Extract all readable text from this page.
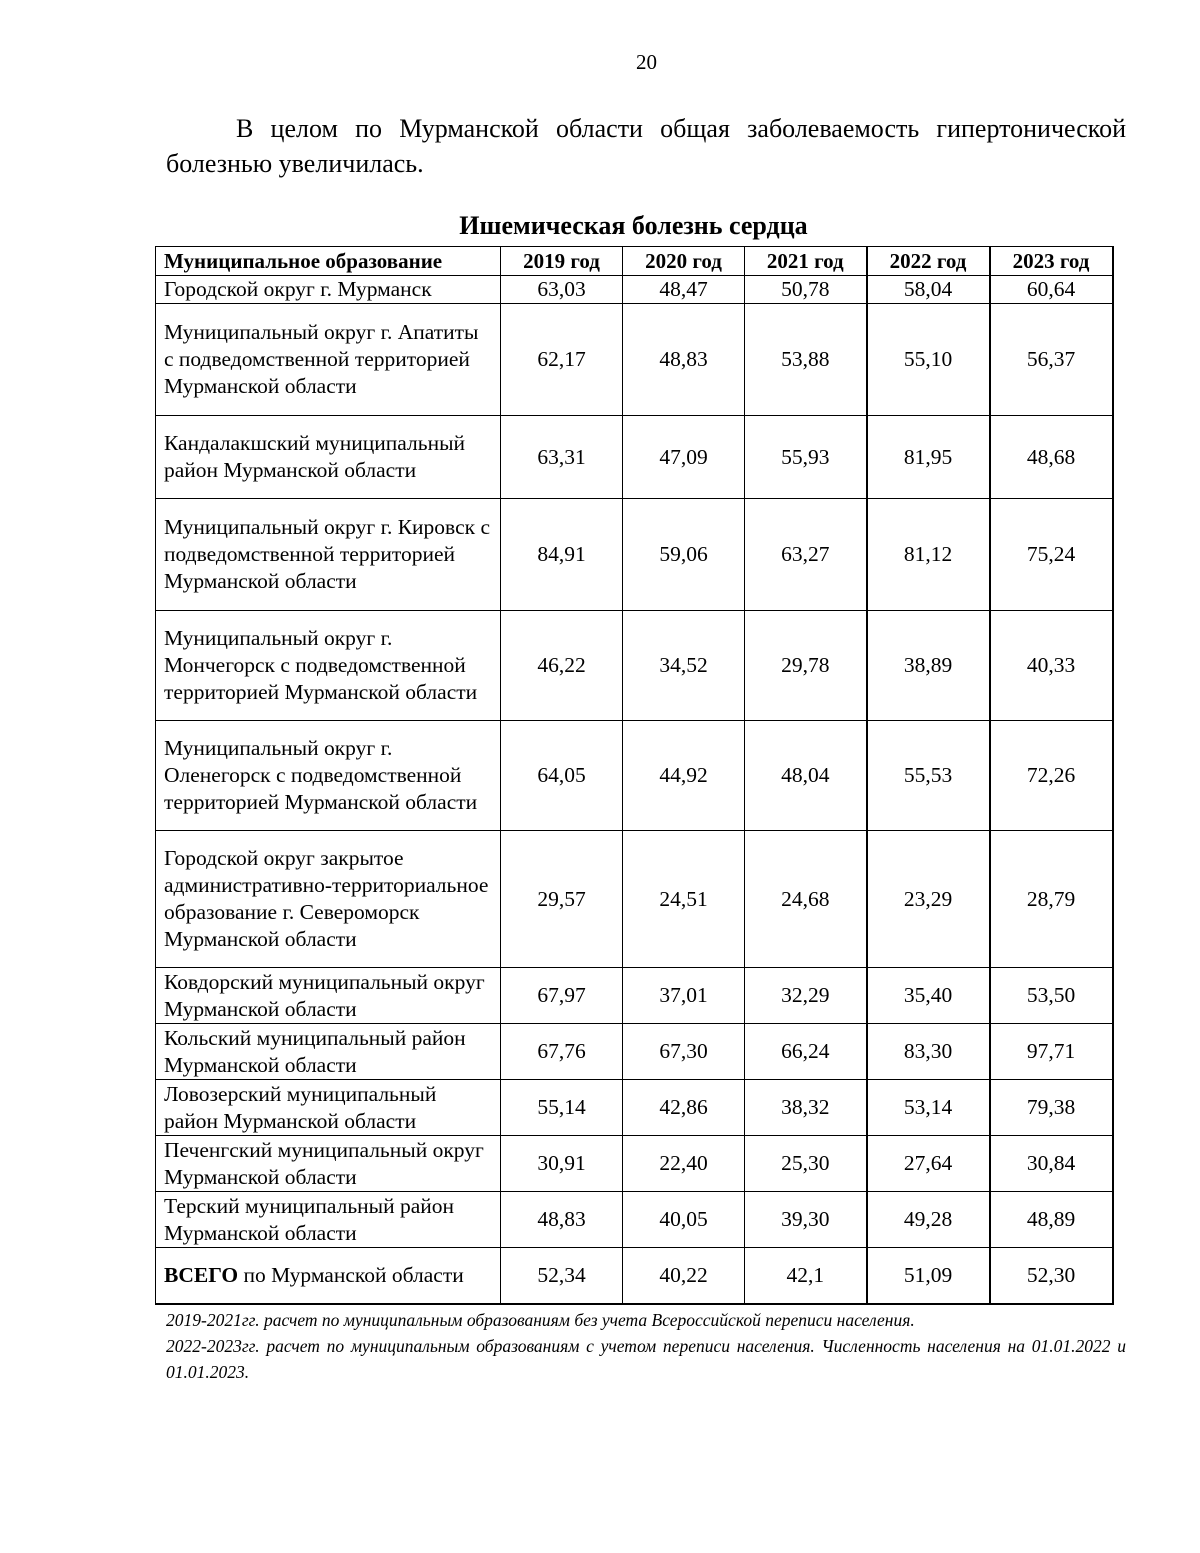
20

В целом по Мурманской области общая заболеваемость гипертонической болезнью увеличилась.

Ишемическая болезнь сердца

Муниципальное образование	2019 год	2020 год	2021 год	2022 год	2023 год
Городской округ г. Мурманск	63,03	48,47	50,78	58,04	60,64
Муниципальный округ г. Апатиты с подведомственной территорией Мурманской области	62,17	48,83	53,88	55,10	56,37
Кандалакшский муниципальный район Мурманской области	63,31	47,09	55,93	81,95	48,68
Муниципальный округ г. Кировск с подведомственной территорией Мурманской области	84,91	59,06	63,27	81,12	75,24
Муниципальный округ г. Мончегорск с подведомственной территорией Мурманской области	46,22	34,52	29,78	38,89	40,33
Муниципальный округ г. Оленегорск с подведомственной территорией Мурманской области	64,05	44,92	48,04	55,53	72,26
Городской округ закрытое административно-территориальное образование г. Североморск Мурманской области	29,57	24,51	24,68	23,29	28,79
Ковдорский муниципальный округ Мурманской области	67,97	37,01	32,29	35,40	53,50
Кольский муниципальный район Мурманской области	67,76	67,30	66,24	83,30	97,71
Ловозерский муниципальный район Мурманской области	55,14	42,86	38,32	53,14	79,38
Печенгский муниципальный округ Мурманской области	30,91	22,40	25,30	27,64	30,84
Терский муниципальный район Мурманской области	48,83	40,05	39,30	49,28	48,89
ВСЕГО по Мурманской области	52,34	40,22	42,1	51,09	52,30

2019-2021гг. расчет по муниципальным образованиям без учета Всероссийской переписи населения.

2022-2023гг. расчет по муниципальным образованиям с учетом переписи населения. Численность населения на 01.01.2022 и 01.01.2023.
